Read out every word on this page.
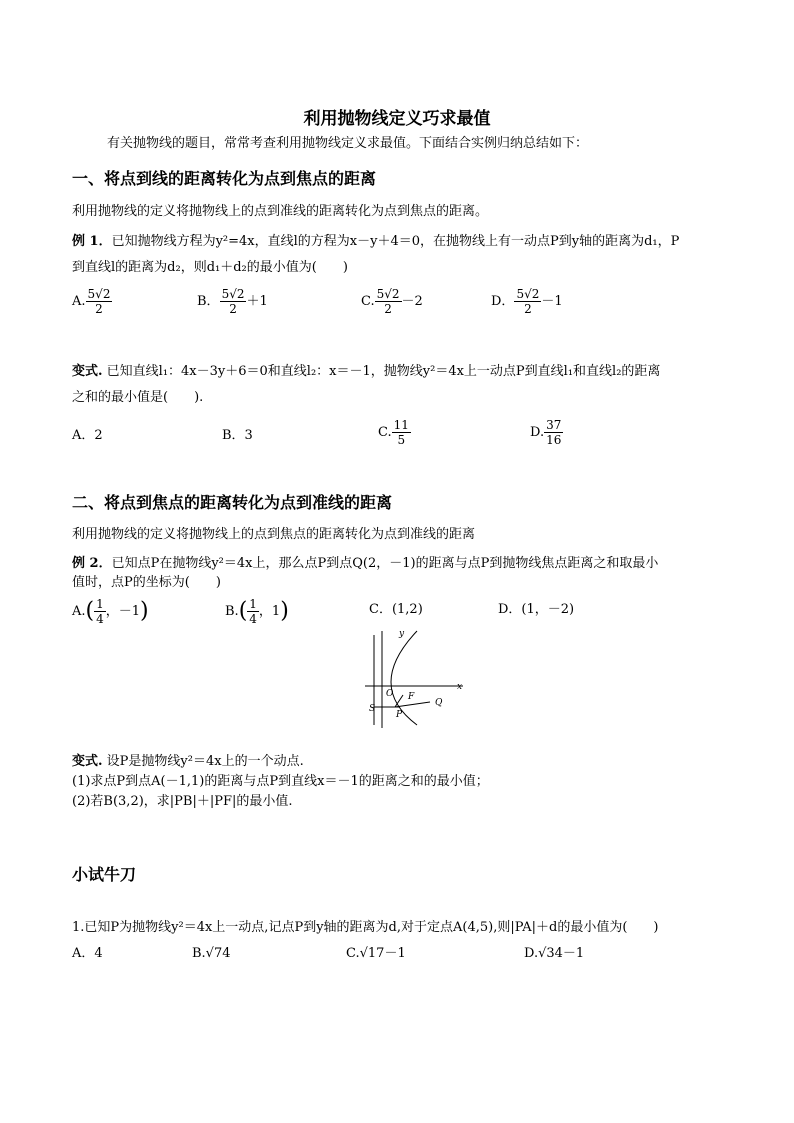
利用抛物线定义巧求最值
有关抛物线的题目，常常考查利用抛物线定义求最值。下面结合实例归纳总结如下：
一、将点到线的距离转化为点到焦点的距离
利用抛物线的定义将抛物线上的点到准线的距离转化为点到焦点的距离。
例 1．已知抛物线方程为y²=4x，直线l的方程为x－y＋4＝0，在抛物线上有一动点P到y轴的距离为d₁，P
到直线l的距离为d₂，则d₁＋d₂的最小值为(　　)
A. $\frac{5√2}{2}$	B． $\frac{5√2}{2} +1$	C. $\frac{5√2}{2} -2$	D． $\frac{5√2}{2} -1$
变式. 已知直线l₁：4x－3y＋6＝0和直线l₂：x＝－1，抛物线y²＝4x上一动点P到直线l₁和直线l₂的距离
之和的最小值是(　　).
A．2	B．3	C. $\frac{11}{5}$	D. $\frac{37}{16}$
二、将点到焦点的距离转化为点到准线的距离
利用抛物线的定义将抛物线上的点到焦点的距离转化为点到准线的距离
例 2．已知点P在抛物线y²＝4x上，那么点P到点Q(2，－1)的距离与点P到抛物线焦点距离之和取最小
值时，点P的坐标为(　　)
$A.( \frac{1}{4}$ ，－1)	$B.( \frac{1}{4}$ ，1)	C．(1,2)	D．(1，－2)
y
x
O F
Q
S
P
变式. 设P是抛物线y²＝4x上的一个动点.
(1)求点P到点A(－1,1)的距离与点P到直线x＝－1的距离之和的最小值；
(2)若B(3,2)，求|PB|＋|PF|的最小值.
小试牛刀
1.已知P为抛物线y²＝4x上一动点,记点P到y轴的距离为d,对于定点A(4,5),则|PA|＋d的最小值为(　　)
A．4	B.√74	C.√17－1	D.√34－1
